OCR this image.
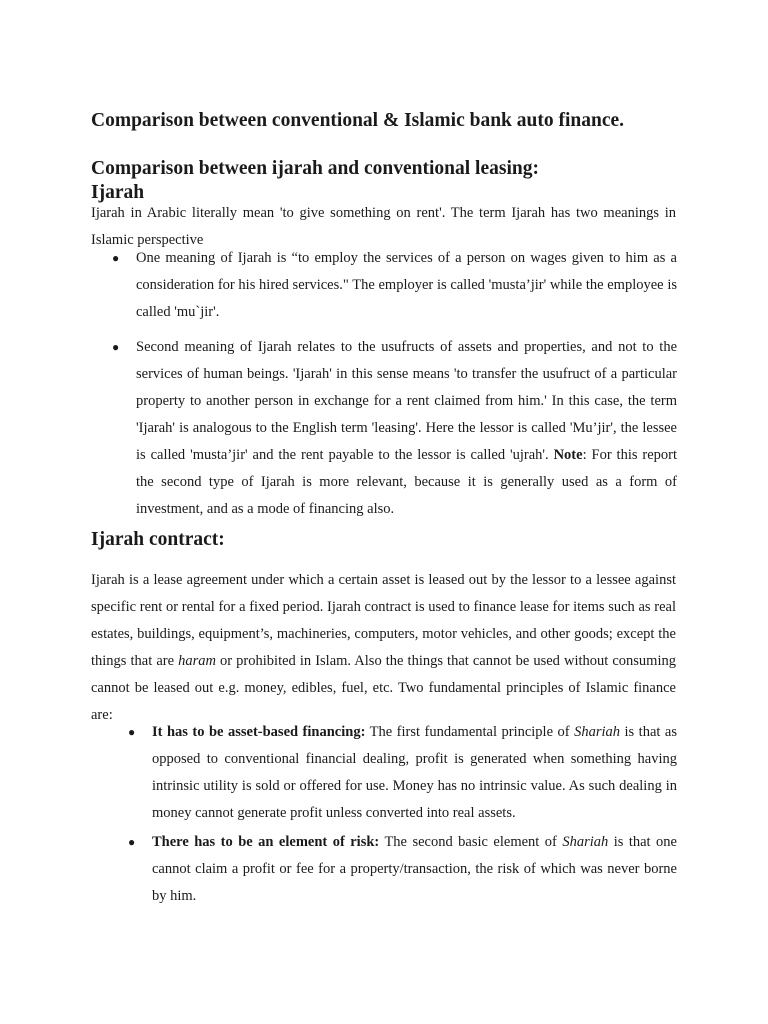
Comparison between conventional & Islamic bank auto finance.
Comparison between ijarah and conventional leasing:
Ijarah

Ijarah in Arabic literally mean 'to give something on rent'. The term Ijarah has two meanings in Islamic perspective

● One meaning of Ijarah is “to employ the services of a person on wages given to him as a consideration for his hired services." The employer is called 'musta’jir' while the employee is called 'mu`jir'.
● Second meaning of Ijarah relates to the usufructs of assets and properties, and not to the services of human beings. 'Ijarah' in this sense means 'to transfer the usufruct of a particular property to another person in exchange for a rent claimed from him.' In this case, the term 'Ijarah' is analogous to the English term 'leasing'. Here the lessor is called 'Mu’jir', the lessee is called 'musta’jir' and the rent payable to the lessor is called 'ujrah'. Note: For this report the second type of Ijarah is more relevant, because it is generally used as a form of investment, and as a mode of financing also.
Ijarah contract:

Ijarah is a lease agreement under which a certain asset is leased out by the lessor to a lessee against specific rent or rental for a fixed period. Ijarah contract is used to finance lease for items such as real estates, buildings, equipment’s, machineries, computers, motor vehicles, and other goods; except the things that are haram or prohibited in Islam. Also the things that cannot be used without consuming cannot be leased out e.g. money, edibles, fuel, etc. Two fundamental principles of Islamic finance are:

● It has to be asset-based financing: The first fundamental principle of Shariah is that as opposed to conventional financial dealing, profit is generated when something having intrinsic utility is sold or offered for use. Money has no intrinsic value. As such dealing in money cannot generate profit unless converted into real assets.
● There has to be an element of risk: The second basic element of Shariah is that one cannot claim a profit or fee for a property/transaction, the risk of which was never borne by him.
